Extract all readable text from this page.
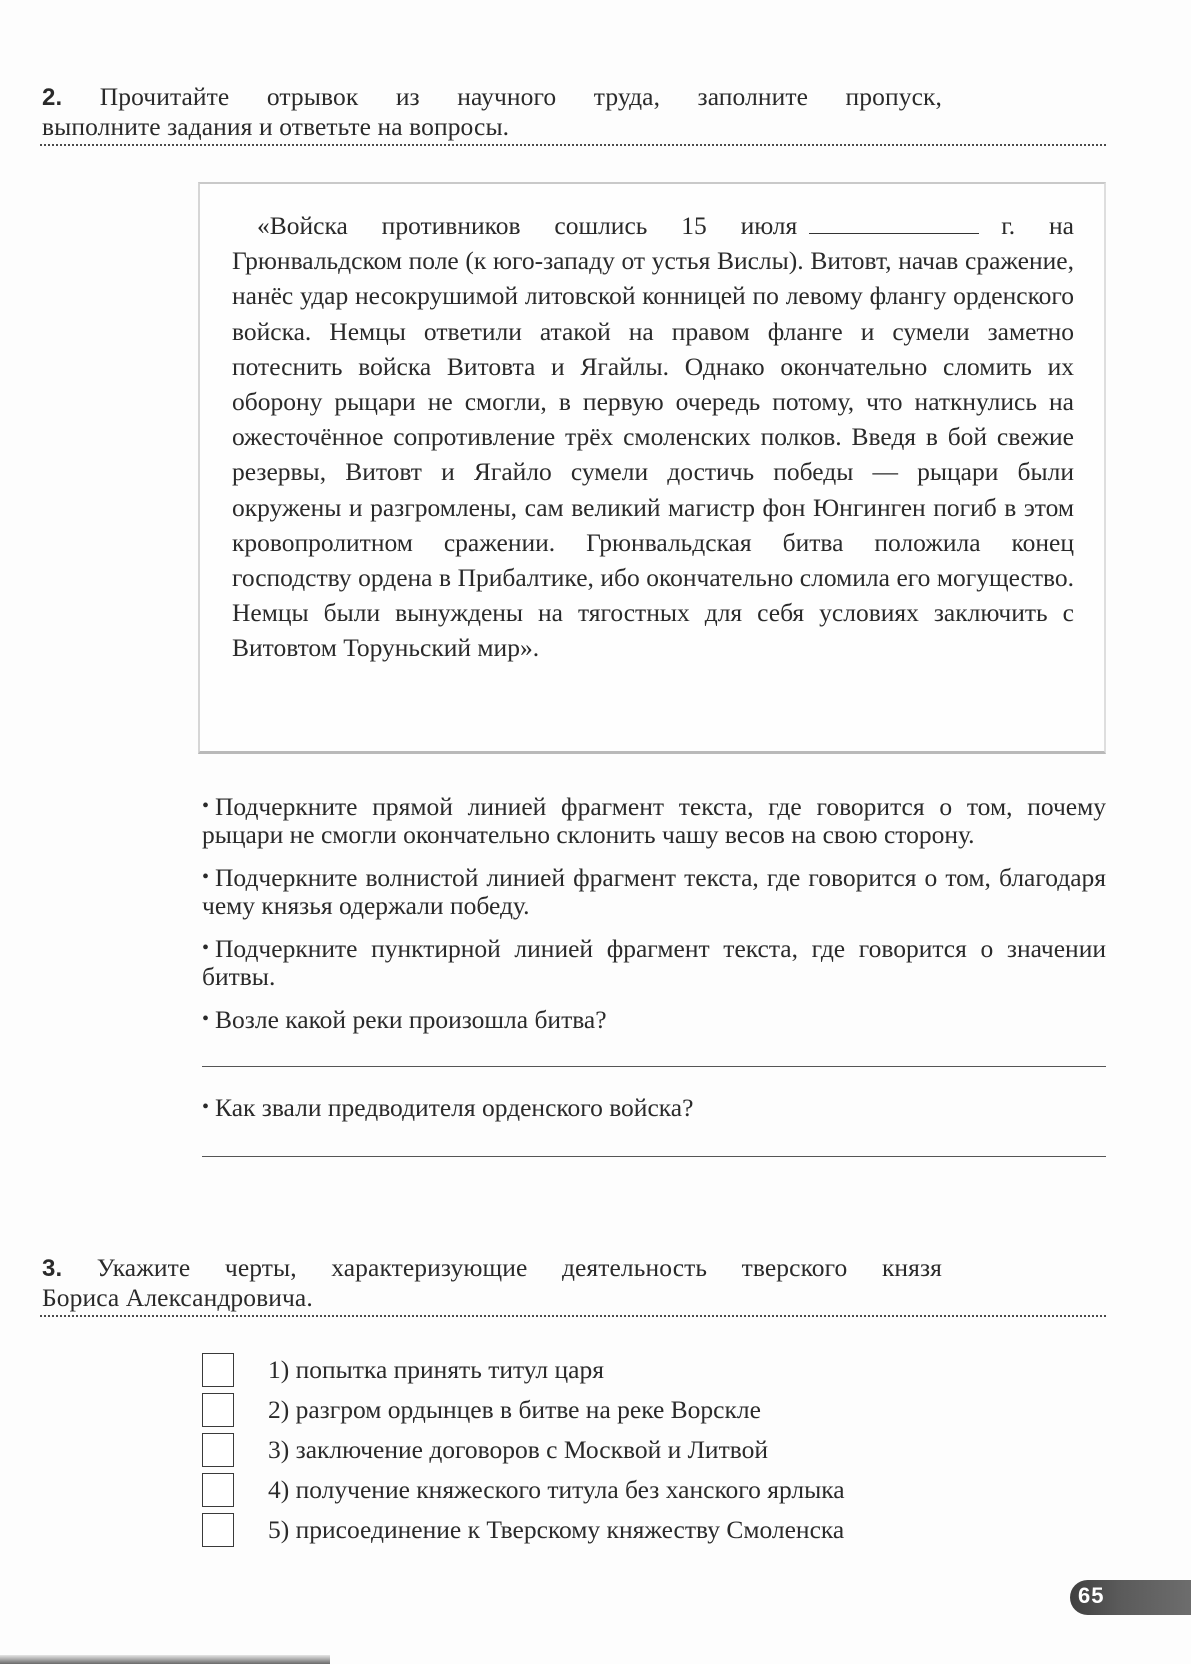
2. Прочитайте отрывок из научного труда, заполните пропуск,
выполните задания и ответьте на вопросы.
«Войска противников сошлись 15 июля	г. на Грюнвальдском поле (к юго-западу от устья Вислы). Витовт, начав сражение, нанёс удар несокрушимой литовской конницей по левому флангу орденского войска. Немцы ответили атакой на правом фланге и сумели заметно потеснить войска Витовта и Ягайлы. Однако окончательно сломить их оборону рыцари не смогли, в первую очередь потому, что наткнулись на ожесточённое сопротивление трёх смоленских полков. Введя в бой свежие резервы, Витовт и Ягайло сумели достичь победы — рыцари были окружены и разгромлены, сам великий магистр фон Юнгинген погиб в этом кровопролитном сражении. Грюнвальдская битва положила конец господству ордена в Прибалтике, ибо окончательно сломила его могущество. Немцы были вынуждены на тягостных для себя условиях заключить с Витовтом Торуньский мир».
• Подчеркните прямой линией фрагмент текста, где говорится о том, почему рыцари не смогли окончательно склонить чашу весов на свою сторону.
• Подчеркните волнистой линией фрагмент текста, где говорится о том, благодаря чему князья одержали победу.
• Подчеркните пунктирной линией фрагмент текста, где говорится о значении битвы.
• Возле какой реки произошла битва?
• Как звали предводителя орденского войска?
3. Укажите черты, характеризующие деятельность тверского князя
Бориса Александровича.
1) попытка принять титул царя
2) разгром ордынцев в битве на реке Ворскле
3) заключение договоров с Москвой и Литвой
4) получение княжеского титула без ханского ярлыка
5) присоединение к Тверскому княжеству Смоленска
65
